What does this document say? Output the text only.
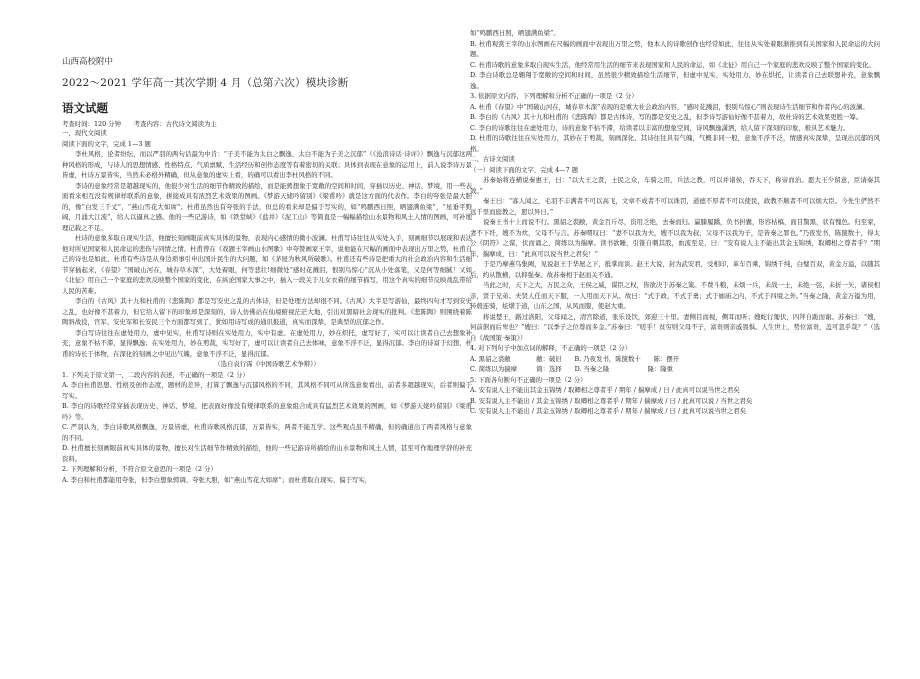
山西高校附中
2022～2021 学年高一其次学期 4 月（总第六次）模块诊断
语文试题
考查时间：120 分钟　　考查内容：古代诗文阅读为主

一、现代文阅读

阅读下面的文字，完成 1—3 题

李杜风格，论者纷纭，而以严羽的两句话最为中肯：“子美不能为太白之飘逸，太白不能为子美之沉郁”（《沧浪诗话·诗评》）飘逸与沉郁这两种风格的形成，与诗人的思想情感、性格特点、气质禀赋、生活经历和创作态度等有着密切的关联；具体到表现在意象的运用上，前人说李诗万景皆虚，杜诗万景皆实，当然未必格外精确，但从意象的虚实上看，的确可以看出李杜风格的不同。

李诗的意象经常是超越现实的，他很少对生活的细节作精致的描绘，而是能骋想象于宽敞的空间和时间，穿插以历史、神话、梦境，用一些表面看来相互没有规律样联系的意象，拼接成具有浓烈艺术效果的图画。《梦游天姥吟留别》《梁甫吟》就是这方面的代表作。李白的夸张是最大胆的，像“白发三千丈”，“燕山雪花大如席”；杜甫虽然也有夸张的手法，但总的看来却是偏于写实的，如“鸣鹏西日照，晒翅满鱼梁”，“星垂平野阔，月涌大江流”，给人以逼真之感。他的一些记游诗，如《铁堂峡》《盐井》《泥工山》等简直是一幅幅描绘山水景物和风土人情的图画，可补地理记载之不足。

杜诗的意象多取自现实生活，他擅长刻画眼前真实具体的景物，表现内心感情的微小波澜。杜甫写诗往往从实处入手，刻画细节以展现和表达他对所见国家和人民命运的悲伤与同情之情。杜甫曾在《戏题王宰画山水图歌》中夸赞画家王宰，说他能在尺幅的画面中表现出万里之势，杜甫自己的诗也是如此，杜甫有些诗是从身边琐事引申出国计民生的大问题，如《茅屋为秋风所破歌》。杜甫还有些诗是把重大的社会政治内容和生活细节穿插起来，《春望》“国破山河在，城春草木深”，大处着眼，何等悲壮!细微处“感时花溅泪，恨别鸟惊心”沉从小处落笔，又是何等细腻！又如《北征》用自己一个家庭的悲欢反映整个国家的变化，在纵论国家大事之中，插入一段关于儿女衣着的细节描写，用这个真实的细节反映战乱带给人民的苦难。

李白的《古风》其十九和杜甫的《悲陈陶》都是写安史之乱的古体诗，但是处理方法却很不同。《古风》大半是写游仙，最终四句才写到安史之乱，也好像不甚着力，但它给人留下的印象却是深刻的，诗人仿佛站在仙境俯视茫茫大地，引出对黑暗社会现实的批判。《悲陈陶》则围绕着陈陶斜战役，官军、安史军和长安民三个方面都写到了，犹如用诗写成的通讯报道，真实而深挚，是典型的沉郁之作。

李白写诗往往在虚处用力，虚中见实，杜甫写诗则在实处用力，实中有虚。在虚处用力，妙在炽托，虚写好了，实可以让读者自己去想象补充，意象不枯不滞，显得飘逸；在实处用力，妙在剪裁，实写好了，虚可以让读者自己去体味，意象不浮不泛，显得沉郁。李白的诗富于幻想，杜甫的诗长于体物，在深化的刻画之中见出气魄，意象不浮不泛，显得沉郁。

（选自袁行霈《中国诗歌艺术争辩》）

1. 下列关于原文第一、二段内容的表述，不正确的一项是（2 分）

A. 李白杜甫思想、性格及创作态度，题材的差异，打算了飘逸与沉郁风格的不同，其风格不同可从所选意象看出，前者多超越现实，后者则偏于写实。

B. 李白的诗歌经常穿插表现历史、神话、梦境，把表面好像没有规律联系的意象组合成具有猛烈艺术效果的图画，如《梦游天姥吟留别》《梁甫吟》等。

C. 严羽认为，李白诗歌风格飘逸，万景皆虚，杜甫诗歌风格沉郁，万景皆实，两者不能互学。这些观点虽不精确，但的确道出了两者风格与意象的不同。

D. 杜甫擅长刻画眼前真实具体的景物，擅长对生活细节作精致的描绘，他的一些记游诗所描绘的山水景物和风土人情，甚至可作地理学辞的补充资料。

2. 下列理解和分析，不符合原文意思的一项是（2 分）

A. 李白和杜甫都能用夸张，但李白想象骋调、夸张大胆，如“燕山雪花大如席”；而杜甫取自现实、偏于写实，

如“鸣鹏西日照，晒翅满鱼梁”。

B. 杜甫观赏王宰的山水图画在尺幅的画面中表现出万里之势，他本人的诗歌创作也经常如此，往往从实处着眼渐推到有关国家和人民命运的大问题。

C. 杜甫诗歌的意象多取自现实生活，他经常用生活的细节来表现国家和人民的命运，如《北征》用自己一个家庭的悲欢反映了整个国家的变化。

D. 李白诗歌总是翱翔于宽敞的空间和时间，虽然很少精致描绘生活细节，但虚中见实，实处用力，妙在烘托，让读者自己去联想补充，意象飘逸。

3. 依据原文内容，下列理解和分析不正确的一项是（2 分）

A. 杜甫《春望》中“国破山河在，城春草木深”表现的是重大社会政治内容，“感时花溅泪，恨别鸟惊心”则表现诗生活细节和作者内心的波澜。

B. 李白的《古风》其十九和杜甫的《悲陈陶》都是古体诗，写的都是安史之乱，但李诗写游仙好像不甚着力，故杜诗的艺术效果更胜一筹。

C. 李白的诗歌往往在虚处用力，诗的意象不枯不滞，给读者以丰富的想象空间，诗风飘逸潇洒，给人留下深刻的印象，极具艺术魅力。

D. 杜甫的诗歌往往在实处用力，其妙在于剪裁，刻画深化，其诗往往具有气魄，气概非同一般，意象不浮不泛，情感真实深挚，呈现出沉郁的风格。

二、古诗文阅读

（一）阅读下面的文字，完成 4—7 题

苏秦始将连横说秦惠王，曰：“以大王之贤，士民之众，车骑之用，兵法之教，可以并诸侯，吞天下，称帝而治。愿大王少留意，臣请奏其效。”

秦王曰：“寡人闻之，毛羽不丰满者不可以高飞，文章不成者不可以诛罚，道德不厚者不可以使民，政教不顺者不可以烦大臣。今先生俨然不远千里而庭教之，愿以异日。”

说秦王书十上而说不行。黑貂之裘敝，黄金百斤尽，资用乏绝，去秦而归。赢縢履蹻，负书担囊，形容枯槁，面目黧黑，状有愧色。归至家，妻不下纴，嫂不为炊，父母不与言。苏秦喟叹曰：“妻不以我为夫，嫂不以我为叔，父母不以我为子，是皆秦之罪也。”乃夜发书，陈箧数十，得太公《阴符》之谋，伏而诵之，简练以为揣摩。读书欲睡，引锥自刺其股，血流至足，曰：“安有说人主不能出其金玉锦绣，取卿相之尊者乎？”期年，揣摩成，曰：“此真可以说当世之君矣！”

于是乃摩燕乌集阙，见说赵王于华屋之下，抵掌而谈。赵王大说，封为武安君，受相印，革车百乘，锦绣千纯，白璧百双，黄金万溢，以随其后，约从散横，以抑强秦。故苏秦相于赵而关不通。

当此之时，天下之大，万民之众，王侯之威，谋臣之权，皆欲决于苏秦之策。不费斗粮，未烦一兵，未战一士，未绝一弦，未折一矢，诸侯相亲，贤于兄弟。夫贤人任而天下服，一人用而天下从。故曰：“式于政，不式于勇；式于廊庙之内，不式于四境之外。”当秦之隆，黄金万镒为用，转毂连骑，炫熿于道，山东之国，从风而服，使赵大重。

将说楚王，路过洛阳，父母闻之，清宫除道，张乐设饮，郊迎三十里。妻侧目而视，侧耳而听；嫂蛇行匍伏，四拜自跪而谢。苏秦曰：“嫂，何前倨而后卑也？”嫂曰：“以季子之位尊而多金。”苏秦曰：“嗟乎！贫穷则父母不子，富贵则亲戚畏惧。人生世上，势位富贵，盖可忽乎哉？”（选自《战国策·秦策》）

4. 对下列句子中加点词的解释，不正确的一项是（2 分）

A. 黑貂之裘敝　　　　敝：破旧　　B. 乃夜发书，陈箧数十　　陈：摆开

C. 简练以为揣摩　　　简：选择　　D. 当秦之隆　　　　　　隆：隆重

5. 下面各句断句不正确的一项是（2 分）

A. 安有说人主不能出其金玉锦绣 / 取卿相之尊者乎 / 期年 / 揣摩成 / 曰 / 此真可以说当世之君矣

B. 安有说人主不能出 / 其金玉锦绣 / 取卿相之尊者乎 / 期年 / 揣摩成 / 曰 / 此真可以说 / 当世之君矣

C. 安有说人主不能出 / 其金玉锦绣 / 取卿相之尊者乎 / 期年 / 揣摩成 / 曰 / 此真可以说当世之君矣
